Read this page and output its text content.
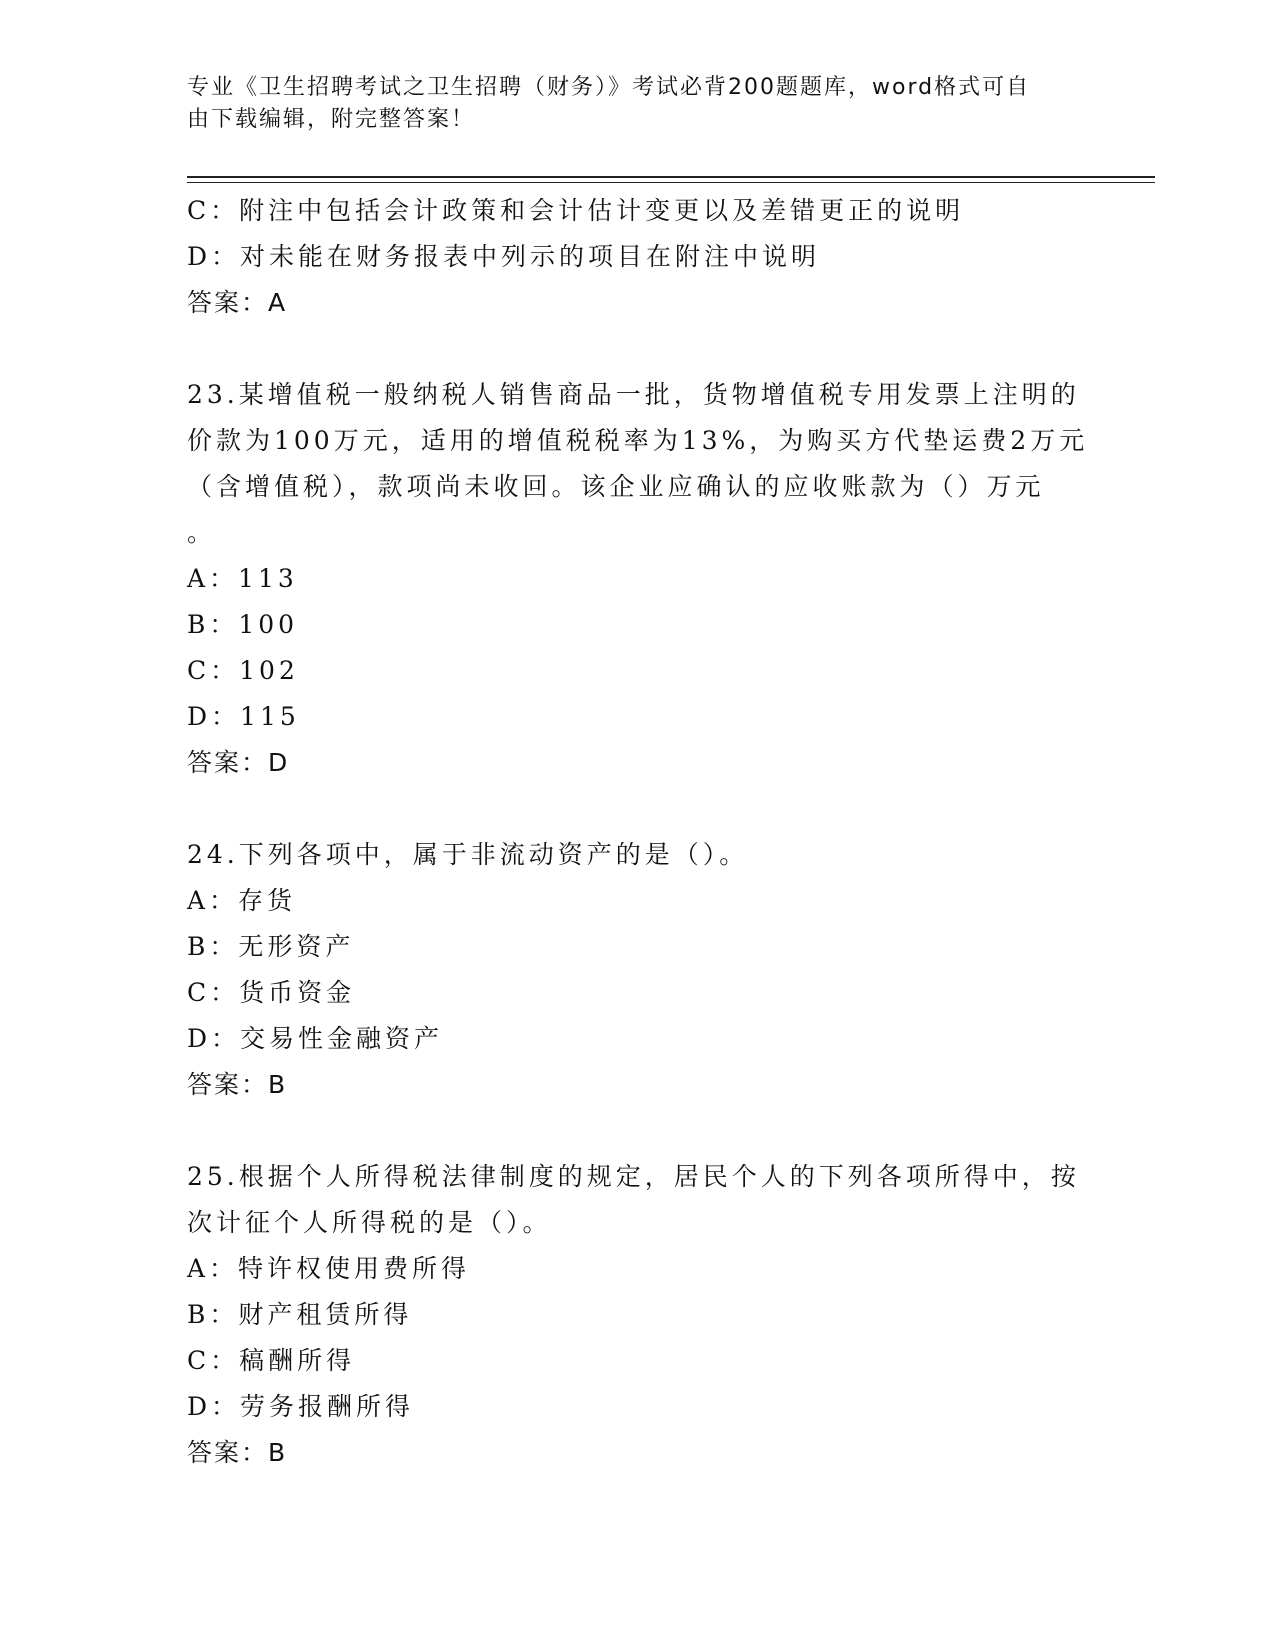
专业《卫生招聘考试之卫生招聘（财务）》考试必背200题题库，word格式可自
由下载编辑，附完整答案！
C：附注中包括会计政策和会计估计变更以及差错更正的说明
D：对未能在财务报表中列示的项目在附注中说明
答案：A
23.某增值税一般纳税人销售商品一批，货物增值税专用发票上注明的
价款为100万元，适用的增值税税率为13%，为购买方代垫运费2万元
（含增值税），款项尚未收回。该企业应确认的应收账款为（）万元
。
A：113
B：100
C：102
D：115
答案：D
24.下列各项中，属于非流动资产的是（）。
A：存货
B：无形资产
C：货币资金
D：交易性金融资产
答案：B
25.根据个人所得税法律制度的规定，居民个人的下列各项所得中，按
次计征个人所得税的是（）。
A：特许权使用费所得
B：财产租赁所得
C：稿酬所得
D：劳务报酬所得
答案：B
